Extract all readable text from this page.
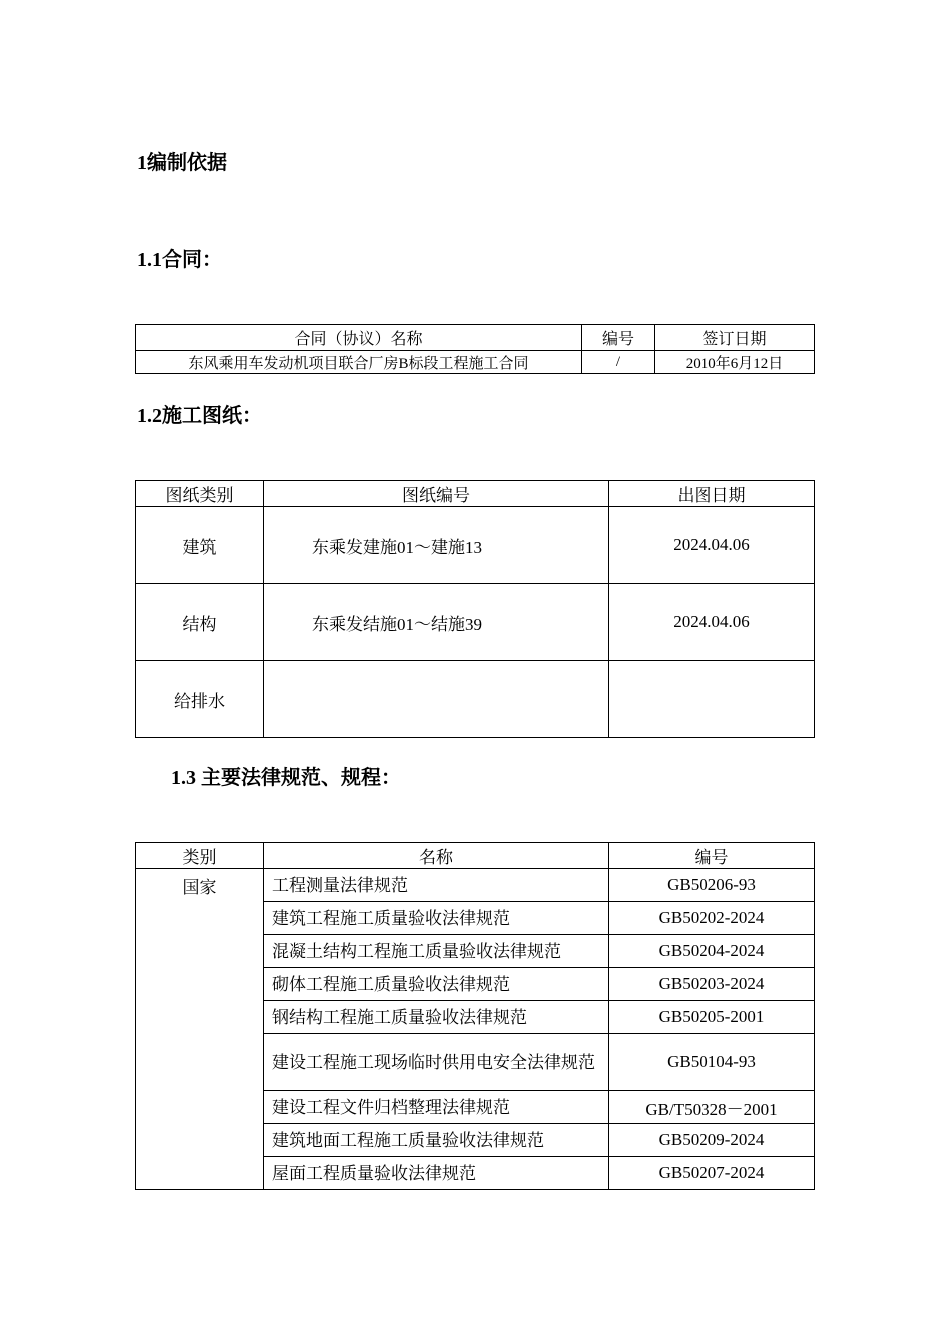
1编制依据
1.1合同：
合同（协议）名称	编号	签订日期
东风乘用车发动机项目联合厂房B标段工程施工合同	/	2010年6月12日
1.2施工图纸：
图纸类别	图纸编号	出图日期
建筑	东乘发建施01～建施13	2024.04.06
结构	东乘发结施01～结施39	2024.04.06
给排水		
1.3 主要法律规范、规程：
类别	名称	编号
国家	工程测量法律规范	GB50206-93
	建筑工程施工质量验收法律规范	GB50202-2024
	混凝土结构工程施工质量验收法律规范	GB50204-2024
	砌体工程施工质量验收法律规范	GB50203-2024
	钢结构工程施工质量验收法律规范	GB50205-2001
	建设工程施工现场临时供用电安全法律规范	GB50104-93
	建设工程文件归档整理法律规范	GB/T50328－2001
	建筑地面工程施工质量验收法律规范	GB50209-2024
	屋面工程质量验收法律规范	GB50207-2024
